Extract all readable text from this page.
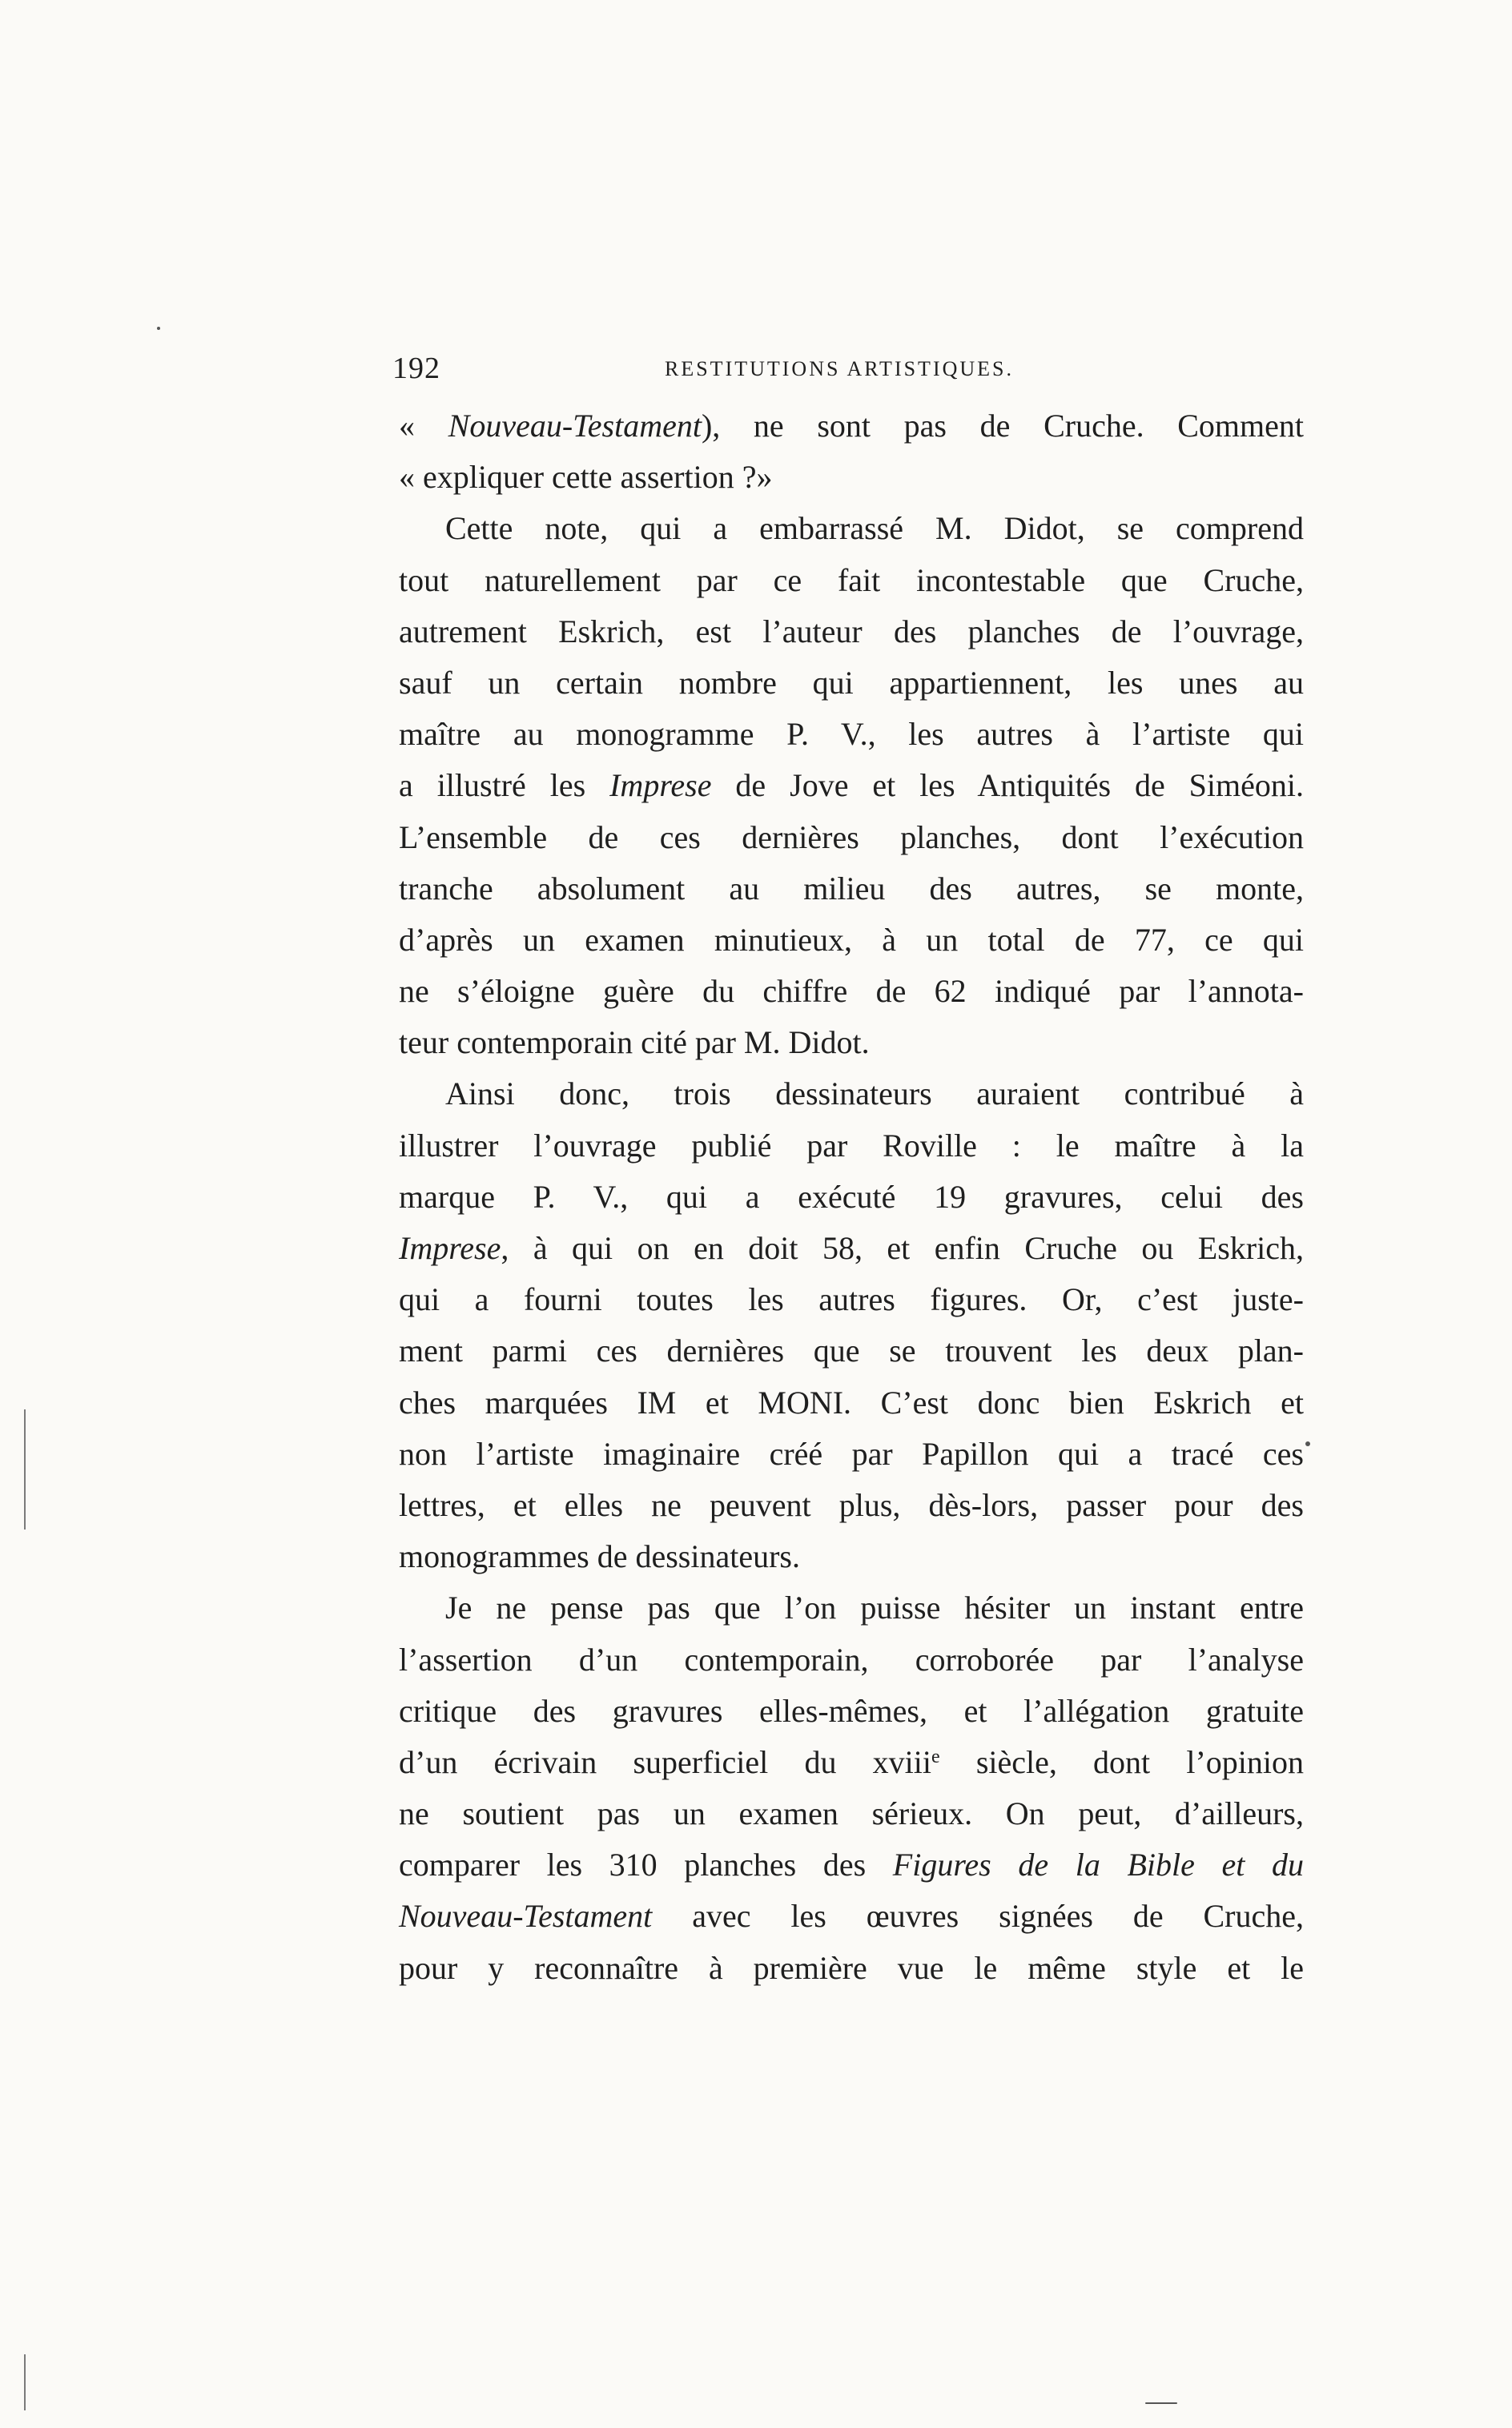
192	RESTITUTIONS ARTISTIQUES.
« Nouveau-Testament), ne sont pas de Cruche. Comment
« expliquer cette assertion ?»
Cette note, qui a embarrassé M. Didot, se comprend
tout naturellement par ce fait incontestable que Cruche,
autrement Eskrich, est l’auteur des planches de l’ouvrage,
sauf un certain nombre qui appartiennent, les unes au
maître au monogramme P. V., les autres à l’artiste qui
a illustré les Imprese de Jove et les Antiquités de Siméoni.
L’ensemble de ces dernières planches, dont l’exécution
tranche absolument au milieu des autres, se monte,
d’après un examen minutieux, à un total de 77, ce qui
ne s’éloigne guère du chiffre de 62 indiqué par l’annota-
teur contemporain cité par M. Didot.
Ainsi donc, trois dessinateurs auraient contribué à
illustrer l’ouvrage publié par Roville : le maître à la
marque P. V., qui a exécuté 19 gravures, celui des
Imprese, à qui on en doit 58, et enfin Cruche ou Eskrich,
qui a fourni toutes les autres figures. Or, c’est juste-
ment parmi ces dernières que se trouvent les deux plan-
ches marquées IM et MONI. C’est donc bien Eskrich et
non l’artiste imaginaire créé par Papillon qui a tracé ces
lettres, et elles ne peuvent plus, dès-lors, passer pour des
monogrammes de dessinateurs.
Je ne pense pas que l’on puisse hésiter un instant entre
l’assertion d’un contemporain, corroborée par l’analyse
critique des gravures elles-mêmes, et l’allégation gratuite
d’un écrivain superficiel du xviii$^e$ siècle, dont l’opinion
ne soutient pas un examen sérieux. On peut, d’ailleurs,
comparer les 310 planches des Figures de la Bible et du
Nouveau-Testament avec les œuvres signées de Cruche,
pour y reconnaître à première vue le même style et le
